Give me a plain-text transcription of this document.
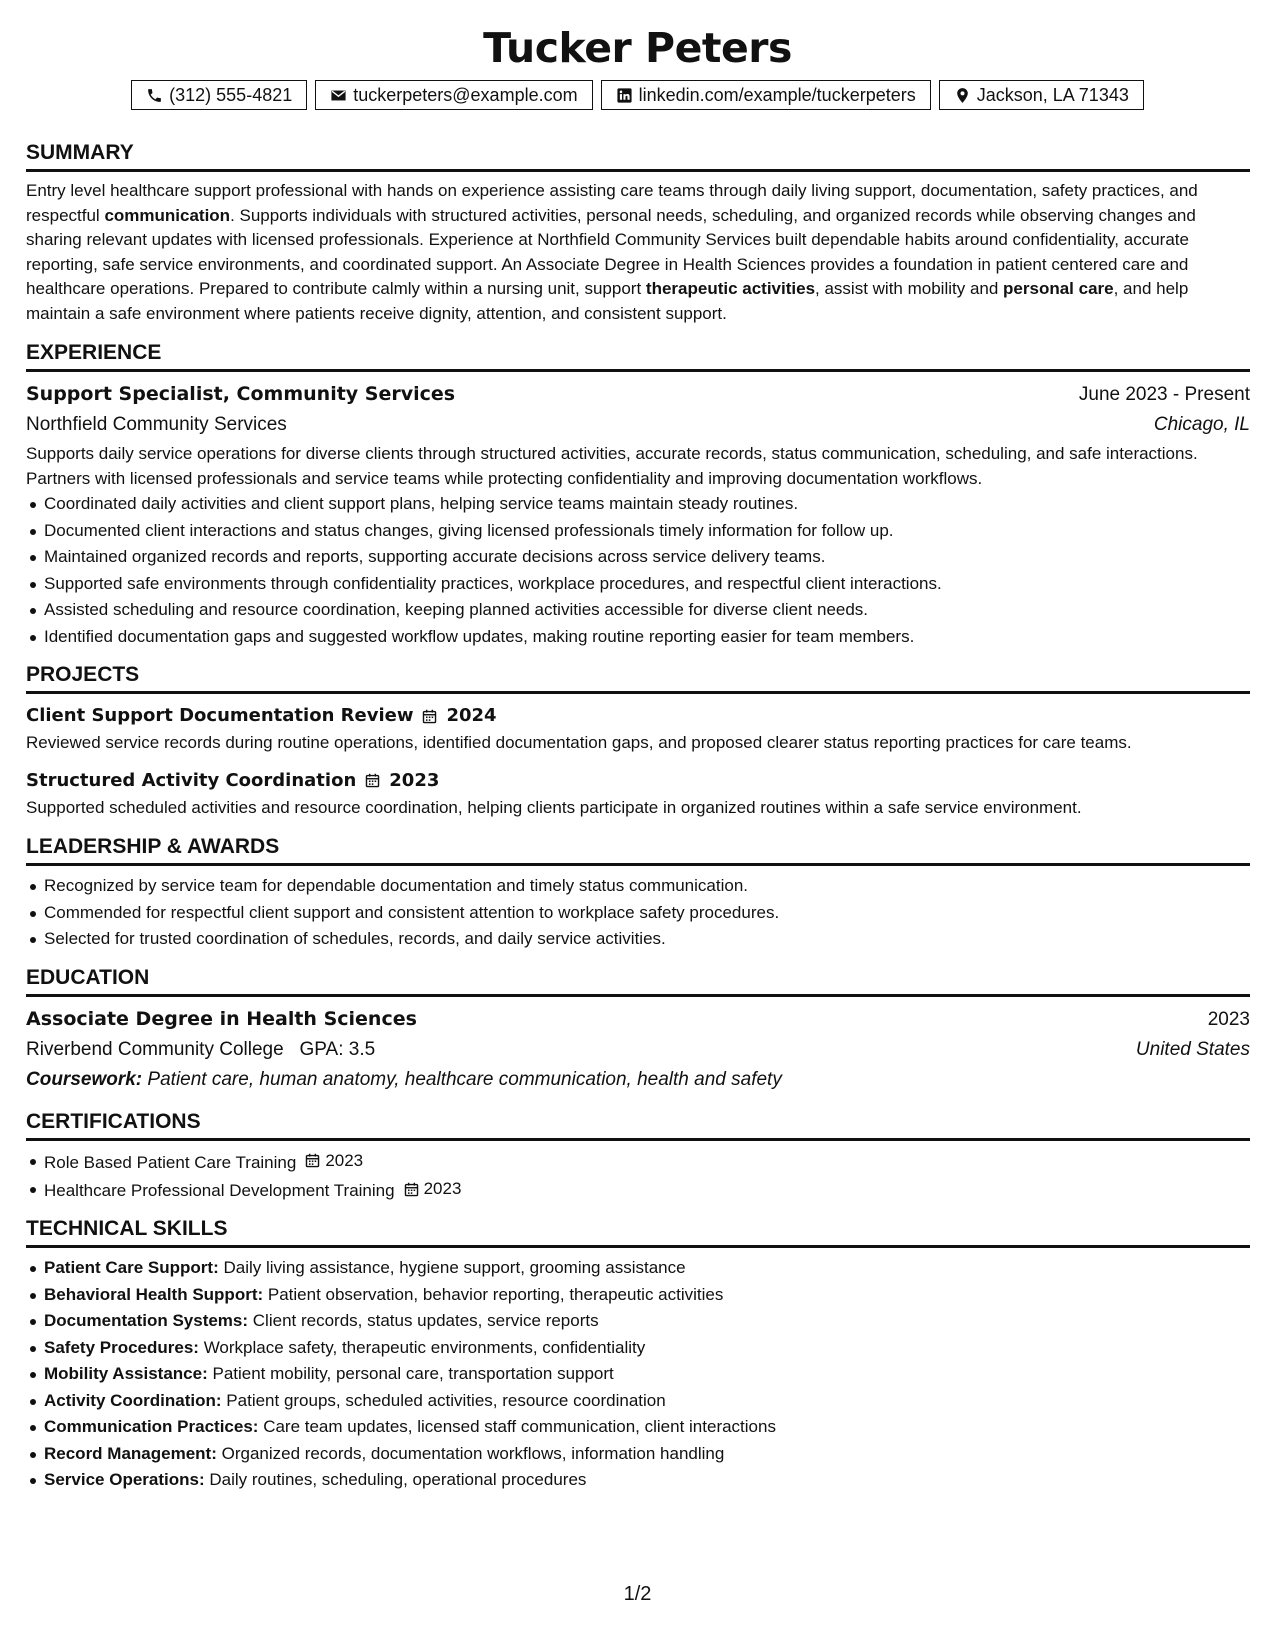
Tucker Peters
(312) 555-4821	tuckerpeters@example.com	linkedin.com/example/tuckerpeters	Jackson, LA 71343
SUMMARY
Entry level healthcare support professional with hands on experience assisting care teams through daily living support, documentation, safety practices, and respectful communication. Supports individuals with structured activities, personal needs, scheduling, and organized records while observing changes and sharing relevant updates with licensed professionals. Experience at Northfield Community Services built dependable habits around confidentiality, accurate reporting, safe service environments, and coordinated support. An Associate Degree in Health Sciences provides a foundation in patient centered care and healthcare operations. Prepared to contribute calmly within a nursing unit, support therapeutic activities, assist with mobility and personal care, and help maintain a safe environment where patients receive dignity, attention, and consistent support.
EXPERIENCE
Support Specialist, Community Services	June 2023 - Present
Northfield Community Services	Chicago, IL
Supports daily service operations for diverse clients through structured activities, accurate records, status communication, scheduling, and safe interactions. Partners with licensed professionals and service teams while protecting confidentiality and improving documentation workflows.
Coordinated daily activities and client support plans, helping service teams maintain steady routines.
Documented client interactions and status changes, giving licensed professionals timely information for follow up.
Maintained organized records and reports, supporting accurate decisions across service delivery teams.
Supported safe environments through confidentiality practices, workplace procedures, and respectful client interactions.
Assisted scheduling and resource coordination, keeping planned activities accessible for diverse client needs.
Identified documentation gaps and suggested workflow updates, making routine reporting easier for team members.
PROJECTS
Client Support Documentation Review 2024
Reviewed service records during routine operations, identified documentation gaps, and proposed clearer status reporting practices for care teams.
Structured Activity Coordination 2023
Supported scheduled activities and resource coordination, helping clients participate in organized routines within a safe service environment.
LEADERSHIP & AWARDS
Recognized by service team for dependable documentation and timely status communication.
Commended for respectful client support and consistent attention to workplace safety procedures.
Selected for trusted coordination of schedules, records, and daily service activities.
EDUCATION
Associate Degree in Health Sciences	2023
Riverbend Community College GPA: 3.5	United States
Coursework: Patient care, human anatomy, healthcare communication, health and safety
CERTIFICATIONS
Role Based Patient Care Training 2023
Healthcare Professional Development Training 2023
TECHNICAL SKILLS
Patient Care Support: Daily living assistance, hygiene support, grooming assistance
Behavioral Health Support: Patient observation, behavior reporting, therapeutic activities
Documentation Systems: Client records, status updates, service reports
Safety Procedures: Workplace safety, therapeutic environments, confidentiality
Mobility Assistance: Patient mobility, personal care, transportation support
Activity Coordination: Patient groups, scheduled activities, resource coordination
Communication Practices: Care team updates, licensed staff communication, client interactions
Record Management: Organized records, documentation workflows, information handling
Service Operations: Daily routines, scheduling, operational procedures
1/2
